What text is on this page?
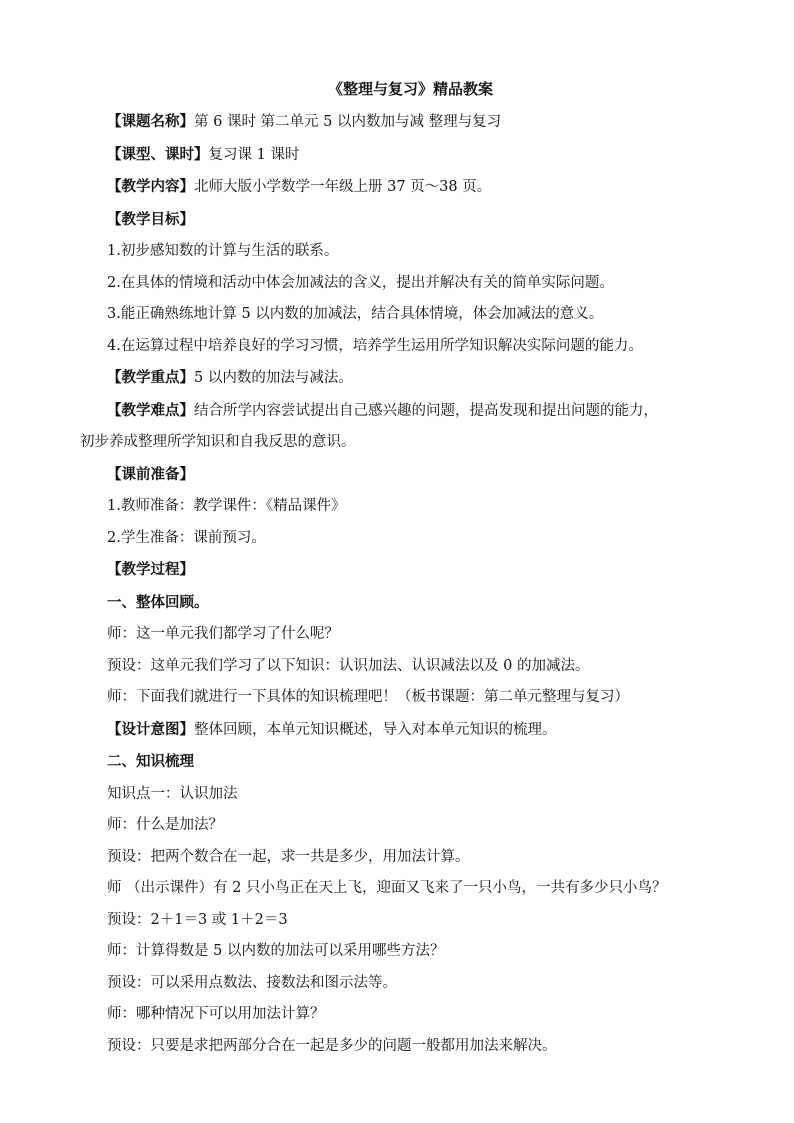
《整理与复习》精品教案
【课题名称】第 6 课时 第二单元 5 以内数加与减 整理与复习
【课型、课时】复习课 1 课时
【教学内容】北师大版小学数学一年级上册 37 页～38 页。
【教学目标】
1.初步感知数的计算与生活的联系。
2.在具体的情境和活动中体会加减法的含义，提出并解决有关的简单实际问题。
3.能正确熟练地计算 5 以内数的加减法，结合具体情境，体会加减法的意义。
4.在运算过程中培养良好的学习习惯，培养学生运用所学知识解决实际问题的能力。
【教学重点】5 以内数的加法与减法。
【教学难点】结合所学内容尝试提出自己感兴趣的问题，提高发现和提出问题的能力，
初步养成整理所学知识和自我反思的意识。
【课前准备】
1.教师准备：教学课件：《精品课件》
2.学生准备：课前预习。
【教学过程】
一、整体回顾。
师：这一单元我们都学习了什么呢？
预设：这单元我们学习了以下知识：认识加法、认识减法以及 0 的加减法。
师：下面我们就进行一下具体的知识梳理吧！（板书课题：第二单元整理与复习）
【设计意图】整体回顾，本单元知识概述，导入对本单元知识的梳理。
二、知识梳理
知识点一：认识加法
师：什么是加法？
预设：把两个数合在一起，求一共是多少，用加法计算。
师 （出示课件）有 2 只小鸟正在天上飞，迎面又飞来了一只小鸟，一共有多少只小鸟？
预设：2＋1＝3 或 1＋2＝3
师：计算得数是 5 以内数的加法可以采用哪些方法？
预设：可以采用点数法、接数法和图示法等。
师：哪种情况下可以用加法计算？
预设：只要是求把两部分合在一起是多少的问题一般都用加法来解决。
